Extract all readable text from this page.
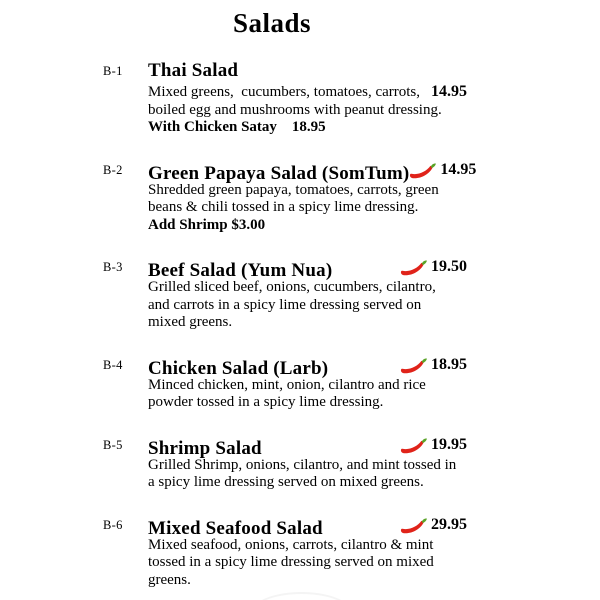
Salads
B-1	Thai Salad
Mixed greens,  cucumbers, tomatoes, carrots, 14.95
boiled egg and mushrooms with peanut dressing.
With Chicken Satay    18.95
B-2	Green Papaya Salad (SomTum) 14.95
Shredded green papaya, tomatoes, carrots, green
beans & chili tossed in a spicy lime dressing.
Add Shrimp $3.00
B-3	Beef Salad (Yum Nua)	19.50
Grilled sliced beef, onions, cucumbers, cilantro,
and carrots in a spicy lime dressing served on
mixed greens.
B-4	Chicken Salad (Larb)	18.95
Minced chicken, mint, onion, cilantro and rice
powder tossed in a spicy lime dressing.
B-5	Shrimp Salad	19.95
Grilled Shrimp, onions, cilantro, and mint tossed in
a spicy lime dressing served on mixed greens.
B-6	Mixed Seafood Salad	29.95
Mixed seafood, onions, carrots, cilantro & mint
tossed in a spicy lime dressing served on mixed
greens.
